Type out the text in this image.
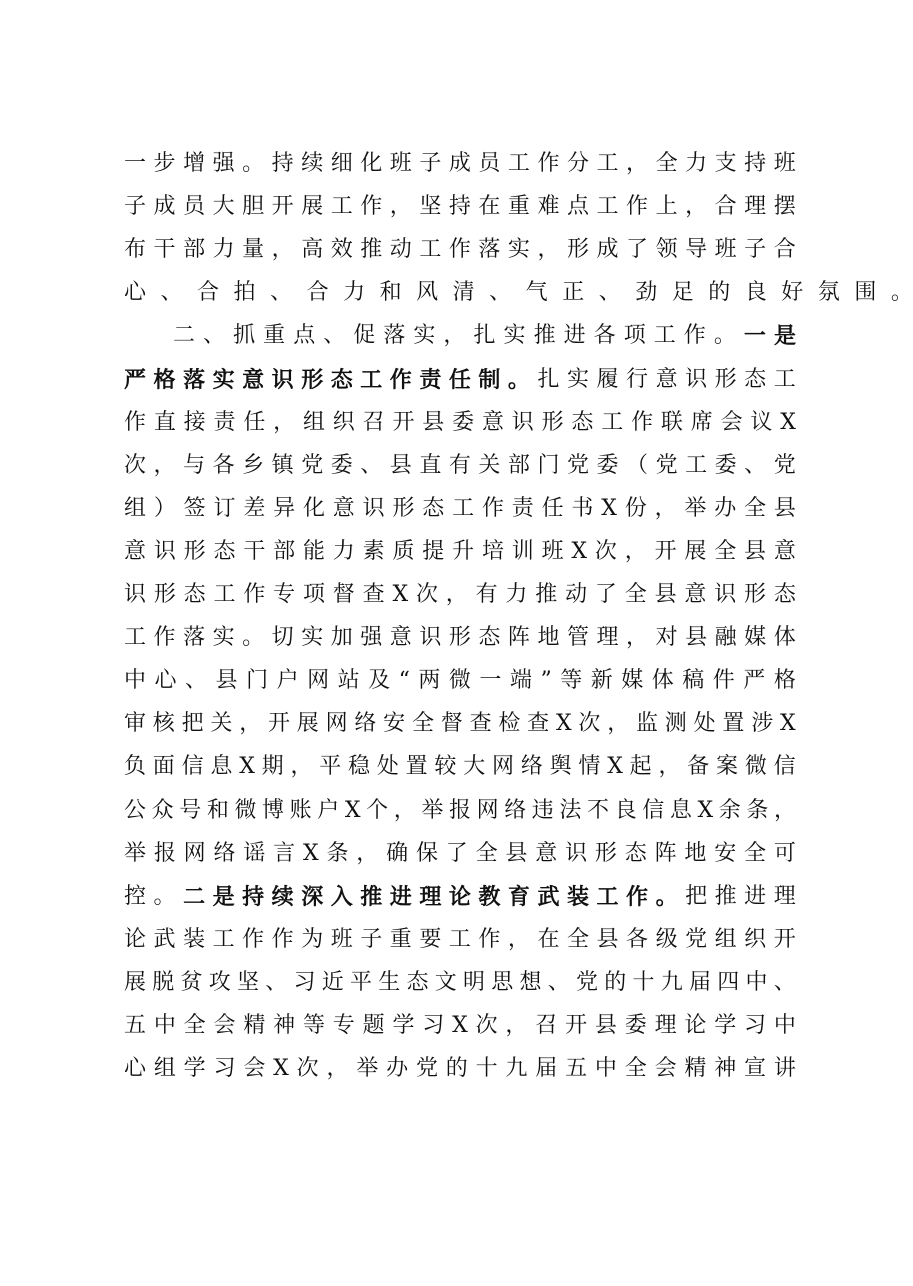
一 步 增 强 。 持 续 细 化 班 子 成 员 工 作 分 工 ， 全 力 支 持 班
子 成 员 大 胆 开 展 工 作 ， 坚 持 在 重 难 点 工 作 上 ， 合 理 摆
布 干 部 力 量 ， 高 效 推 动 工 作 落 实 ， 形 成 了 领 导 班 子 合
心 、 合 拍 、 合 力 和 风 清 、 气 正 、 劲 足 的 良 好 氛 围 。
二 、 抓 重 点 、 促 落 实 ， 扎 实 推 进 各 项 工 作 。 一 是
严 格 落 实 意 识 形 态 工 作 责 任 制 。 扎 实 履 行 意 识 形 态 工
作 直 接 责 任 ， 组 织 召 开 县 委 意 识 形 态 工 作 联 席 会 议 X
次 ， 与 各 乡 镇 党 委 、 县 直 有 关 部 门 党 委 （ 党 工 委 、 党
组 ） 签 订 差 异 化 意 识 形 态 工 作 责 任 书 X 份 ， 举 办 全 县
意 识 形 态 干 部 能 力 素 质 提 升 培 训 班 X 次 ， 开 展 全 县 意
识 形 态 工 作 专 项 督 查 X 次 ， 有 力 推 动 了 全 县 意 识 形 态
工 作 落 实 。 切 实 加 强 意 识 形 态 阵 地 管 理 ， 对 县 融 媒 体
中 心 、 县 门 户 网 站 及 “ 两 微 一 端 ” 等 新 媒 体 稿 件 严 格
审 核 把 关 ， 开 展 网 络 安 全 督 查 检 查 X 次 ， 监 测 处 置 涉 X
负 面 信 息 X 期 ， 平 稳 处 置 较 大 网 络 舆 情 X 起 ， 备 案 微 信
公 众 号 和 微 博 账 户 X 个 ， 举 报 网 络 违 法 不 良 信 息 X 余 条 ，
举 报 网 络 谣 言 X 条 ， 确 保 了 全 县 意 识 形 态 阵 地 安 全 可
控 。 二 是 持 续 深 入 推 进 理 论 教 育 武 装 工 作 。 把 推 进 理
论 武 装 工 作 作 为 班 子 重 要 工 作 ， 在 全 县 各 级 党 组 织 开
展 脱 贫 攻 坚 、 习 近 平 生 态 文 明 思 想 、 党 的 十 九 届 四 中 、
五 中 全 会 精 神 等 专 题 学 习 X 次 ， 召 开 县 委 理 论 学 习 中
心 组 学 习 会 X 次 ， 举 办 党 的 十 九 届 五 中 全 会 精 神 宣 讲
